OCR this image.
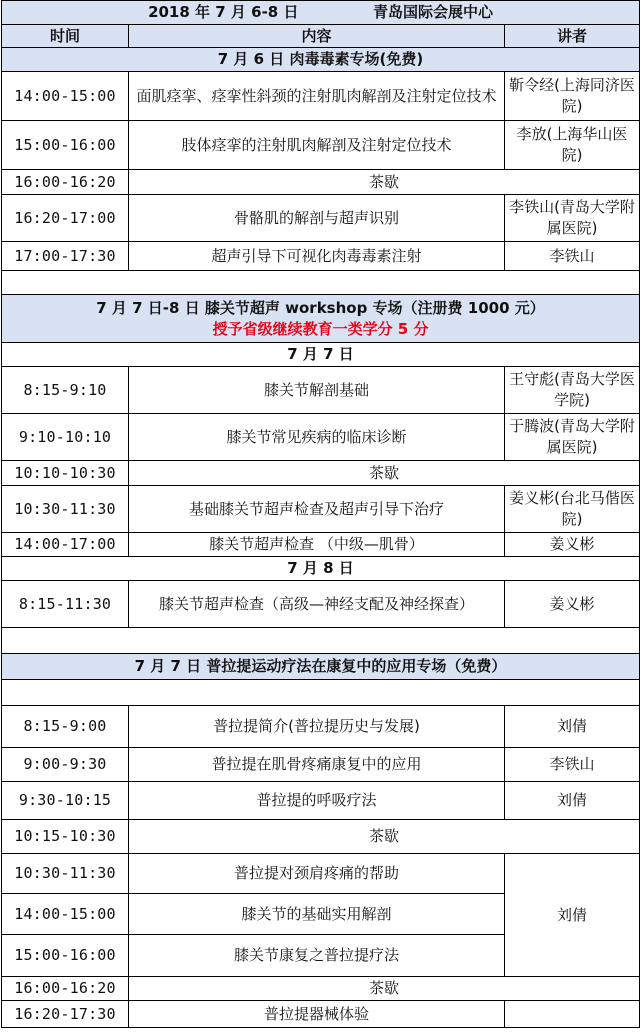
2018 年 7 月 6-8 日 青岛国际会展中心		
时间	内容	讲者
7 月 6 日 肉毒毒素专场(免费)		
14:00-15:00	面肌痉挛、痉挛性斜颈的注射肌肉解剖及注射定位技术	靳令经(上海同济医院)
15:00-16:00	肢体痉挛的注射肌肉解剖及注射定位技术	李放(上海华山医院)
16:00-16:20	茶歇	
16:20-17:00	骨骼肌的解剖与超声识别	李铁山(青岛大学附属医院)
17:00-17:30	超声引导下可视化肉毒毒素注射	李铁山

7 月 7 日-8 日 膝关节超声 workshop 专场（注册费 1000 元）
授予省级继续教育一类学分 5 分		

7 月 7 日		
8:15-9:10	膝关节解剖基础	王守彪(青岛大学医学院)
9:10-10:10	膝关节常见疾病的临床诊断	于腾波(青岛大学附属医院)
10:10-10:30	茶歇	
10:30-11:30	基础膝关节超声检查及超声引导下治疗	姜义彬(台北马偕医院)
14:00-17:00	膝关节超声检查 （中级—肌骨）	姜义彬
7 月 8 日		
8:15-11:30	膝关节超声检查（高级—神经支配及神经探查）	姜义彬

7 月 7 日 普拉提运动疗法在康复中的应用专场（免费）		

8:15-9:00	普拉提简介(普拉提历史与发展)	刘倩
9:00-9:30	普拉提在肌骨疼痛康复中的应用	李铁山
9:30-10:15	普拉提的呼吸疗法	刘倩
10:15-10:30	茶歇	
10:30-11:30	普拉提对颈肩疼痛的帮助	刘倩
14:00-15:00	膝关节的基础实用解剖	
15:00-16:00	膝关节康复之普拉提疗法	
16:00-16:20	茶歇	
16:20-17:30	普拉提器械体验	
